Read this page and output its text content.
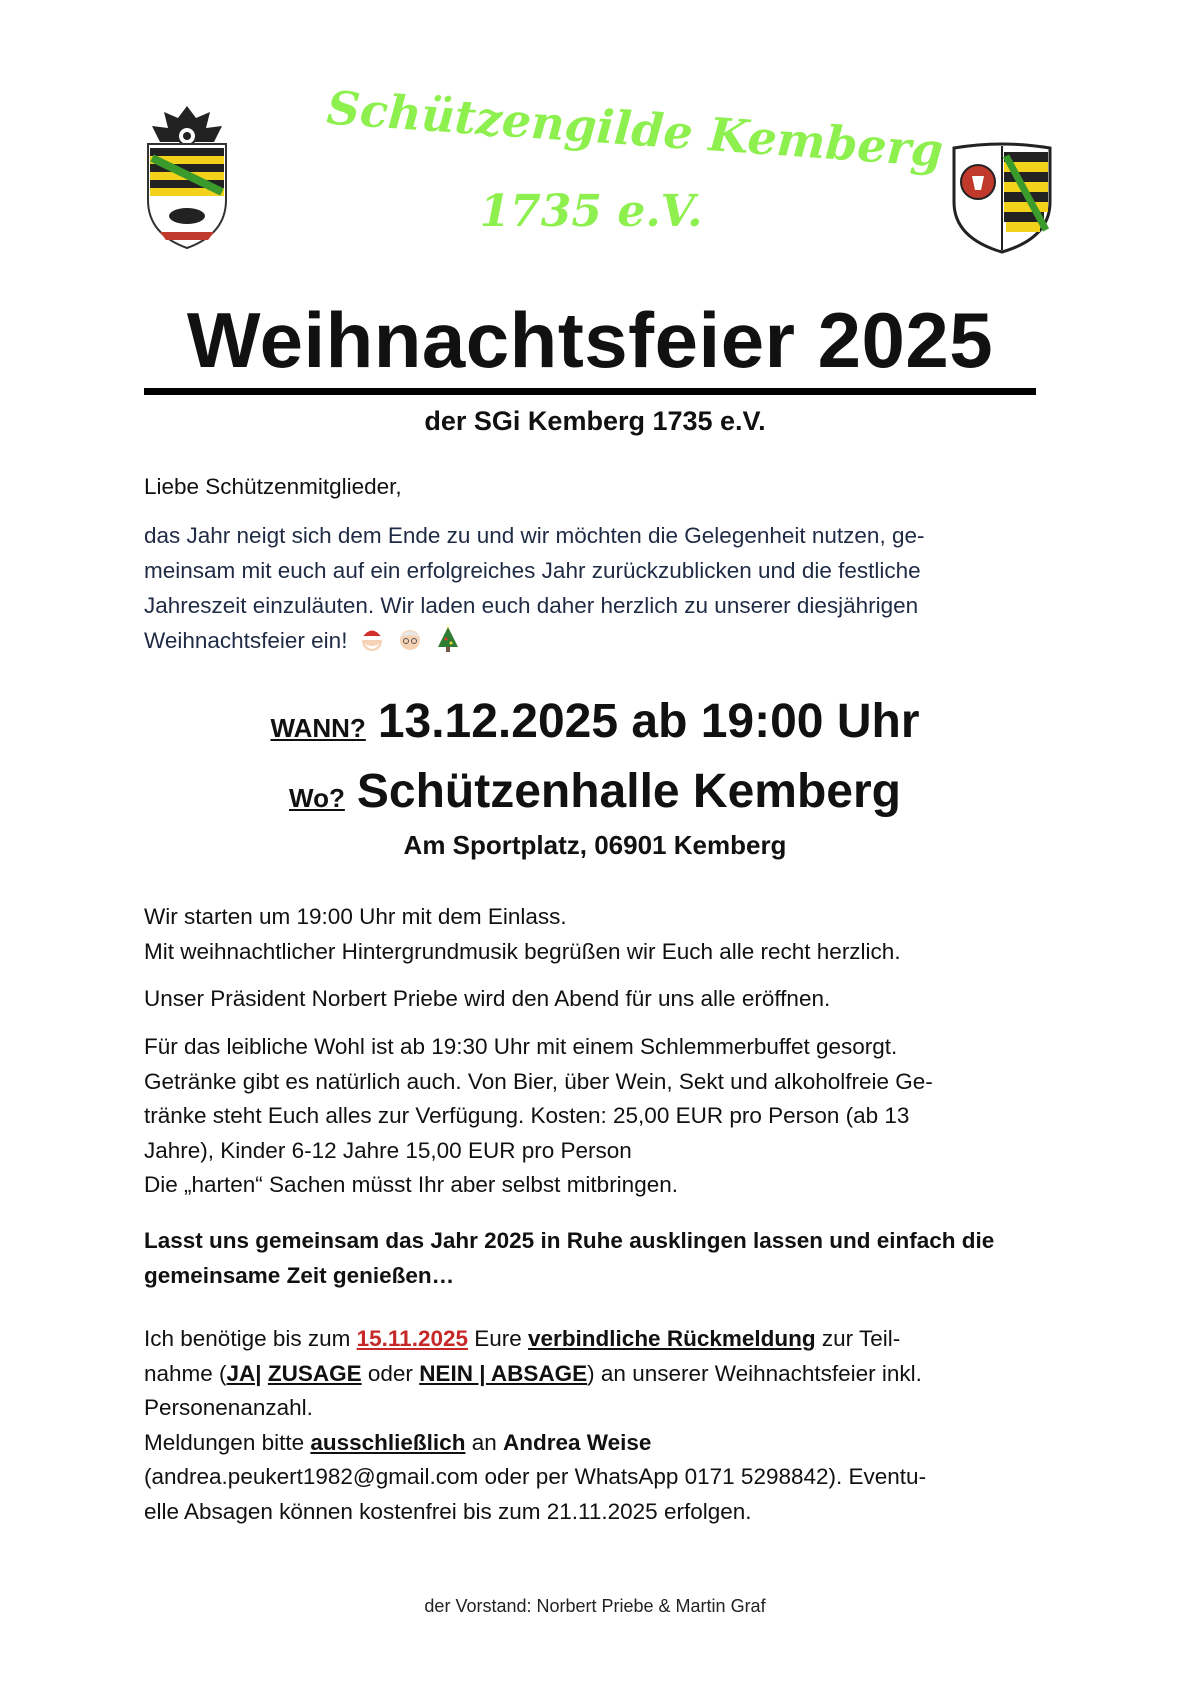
Schützengilde Kemberg
1735 e.V.
Weihnachtsfeier 2025
der SGi Kemberg 1735 e.V.
Liebe Schützenmitglieder,
das Jahr neigt sich dem Ende zu und wir möchten die Gelegenheit nutzen, ge-
meinsam mit euch auf ein erfolgreiches Jahr zurückzublicken und die festliche
Jahreszeit einzuläuten. Wir laden euch daher herzlich zu unserer diesjährigen
Weihnachtsfeier ein!
WANN? 13.12.2025 ab 19:00 Uhr
Wo? Schützenhalle Kemberg
Am Sportplatz, 06901 Kemberg
Wir starten um 19:00 Uhr mit dem Einlass.
Mit weihnachtlicher Hintergrundmusik begrüßen wir Euch alle recht herzlich.
Unser Präsident Norbert Priebe wird den Abend für uns alle eröffnen.
Für das leibliche Wohl ist ab 19:30 Uhr mit einem Schlemmerbuffet gesorgt.
Getränke gibt es natürlich auch. Von Bier, über Wein, Sekt und alkoholfreie Ge-
tränke steht Euch alles zur Verfügung. Kosten: 25,00 EUR pro Person (ab 13
Jahre), Kinder 6-12 Jahre 15,00 EUR pro Person
Die „harten“ Sachen müsst Ihr aber selbst mitbringen.
Lasst uns gemeinsam das Jahr 2025 in Ruhe ausklingen lassen und einfach die
gemeinsame Zeit genießen…

Ich benötige bis zum 15.11.2025 Eure verbindliche Rückmeldung zur Teil-

nahme (JA| ZUSAGE oder NEIN | ABSAGE) an unserer Weihnachtsfeier inkl.

Personenanzahl.

Meldungen bitte ausschließlich an Andrea Weise

(andrea.peukert1982@gmail.com oder per WhatsApp 0171 5298842). Eventu-

elle Absagen können kostenfrei bis zum 21.11.2025 erfolgen.

der Vorstand: Norbert Priebe & Martin Graf
